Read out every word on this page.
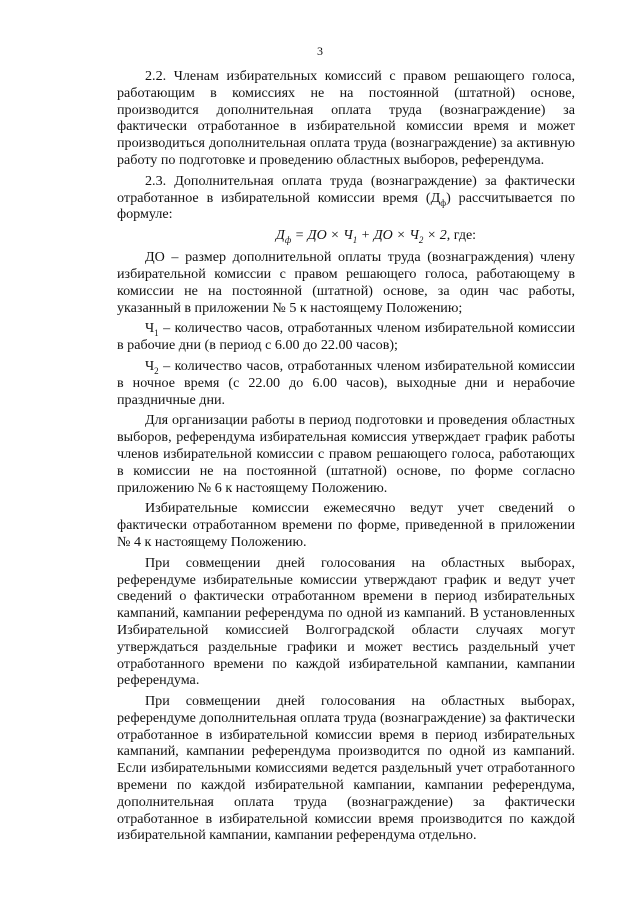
3

2.2. Членам избирательных комиссий с правом решающего голоса, работающим в комиссиях не на постоянной (штатной) основе, производится дополнительная оплата труда (вознаграждение) за фактически отработанное в избирательной комиссии время и может производиться дополнительная оплата труда (вознаграждение) за активную работу по подготовке и проведению областных выборов, референдума.

2.3. Дополнительная оплата труда (вознаграждение) за фактически отработанное в избирательной комиссии время $(Д_ф)$ рассчитывается по формуле:

$Д_ф$ = ДО × $Ч_1$ + ДО × $Ч_2 \times 2$, где:

ДО – размер дополнительной оплаты труда (вознаграждения) члену избирательной комиссии с правом решающего голоса, работающему в комиссии не на постоянной (штатной) основе, за один час работы, указанный в приложении № 5 к настоящему Положению;

$Ч_1$ – количество часов, отработанных членом избирательной комиссии в рабочие дни (в период с 6.00 до 22.00 часов);

$Ч_2$ – количество часов, отработанных членом избирательной комиссии в ночное время (с 22.00 до 6.00 часов), выходные дни и нерабочие праздничные дни.

Для организации работы в период подготовки и проведения областных выборов, референдума избирательная комиссия утверждает график работы членов избирательной комиссии с правом решающего голоса, работающих в комиссии не на постоянной (штатной) основе, по форме согласно приложению № 6 к настоящему Положению.

Избирательные комиссии ежемесячно ведут учет сведений о фактически отработанном времени по форме, приведенной в приложении № 4 к настоящему Положению.

При совмещении дней голосования на областных выборах, референдуме избирательные комиссии утверждают график и ведут учет сведений о фактически отработанном времени в период избирательных кампаний, кампании референдума по одной из кампаний. В установленных Избирательной комиссией Волгоградской области случаях могут утверждаться раздельные графики и может вестись раздельный учет отработанного времени по каждой избирательной кампании, кампании референдума.

При совмещении дней голосования на областных выборах, референдуме дополнительная оплата труда (вознаграждение) за фактически отработанное в избирательной комиссии время в период избирательных кампаний, кампании референдума производится по одной из кампаний. Если избирательными комиссиями ведется раздельный учет отработанного времени по каждой избирательной кампании, кампании референдума, дополнительная оплата труда (вознаграждение) за фактически отработанное в избирательной комиссии время производится по каждой избирательной кампании, кампании референдума отдельно.
